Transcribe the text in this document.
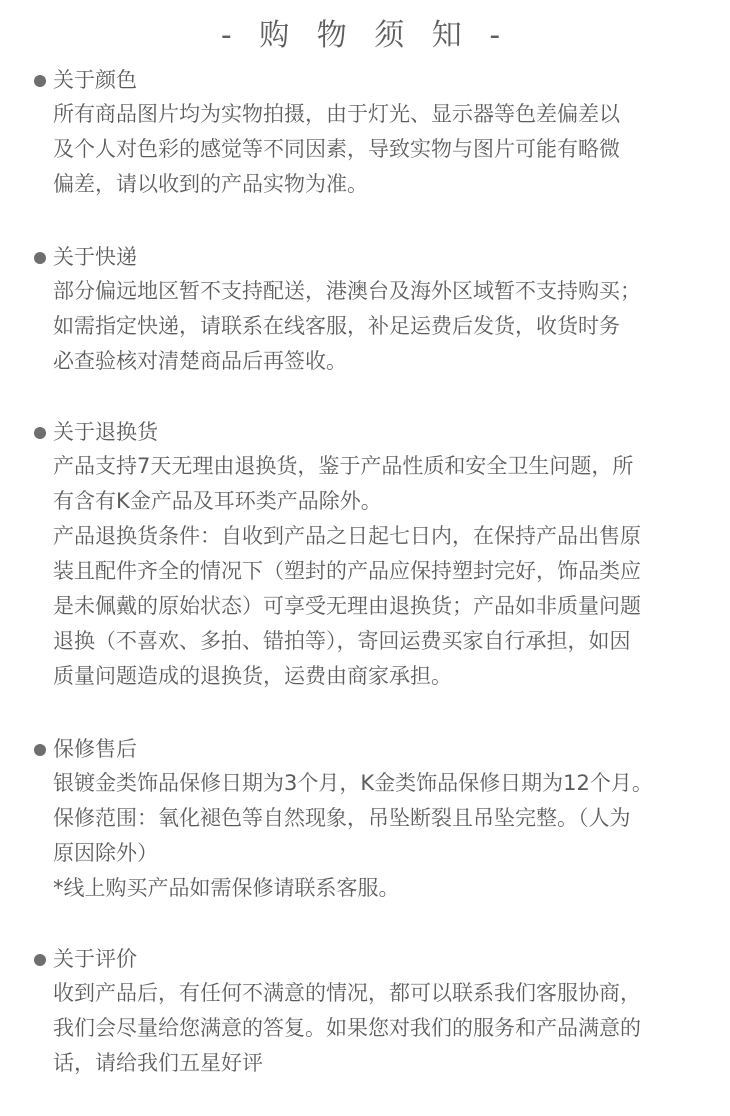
- 购 物 须 知 -
关于颜色
所有商品图片均为实物拍摄，由于灯光、显示器等色差偏差以
及个人对色彩的感觉等不同因素，导致实物与图片可能有略微
偏差，请以收到的产品实物为准。
关于快递
部分偏远地区暂不支持配送，港澳台及海外区域暂不支持购买；
如需指定快递，请联系在线客服，补足运费后发货，收货时务
必查验核对清楚商品后再签收。
关于退换货
产品支持7天无理由退换货，鉴于产品性质和安全卫生问题，所
有含有K金产品及耳环类产品除外。
产品退换货条件：自收到产品之日起七日内，在保持产品出售原
装且配件齐全的情况下（塑封的产品应保持塑封完好，饰品类应
是未佩戴的原始状态）可享受无理由退换货；产品如非质量问题
退换（不喜欢、多拍、错拍等），寄回运费买家自行承担，如因
质量问题造成的退换货，运费由商家承担。
保修售后
银镀金类饰品保修日期为3个月，K金类饰品保修日期为12个月。
保修范围：氧化褪色等自然现象，吊坠断裂且吊坠完整。（人为
原因除外）
*线上购买产品如需保修请联系客服。
关于评价
收到产品后，有任何不满意的情况，都可以联系我们客服协商，
我们会尽量给您满意的答复。如果您对我们的服务和产品满意的
话，请给我们五星好评
